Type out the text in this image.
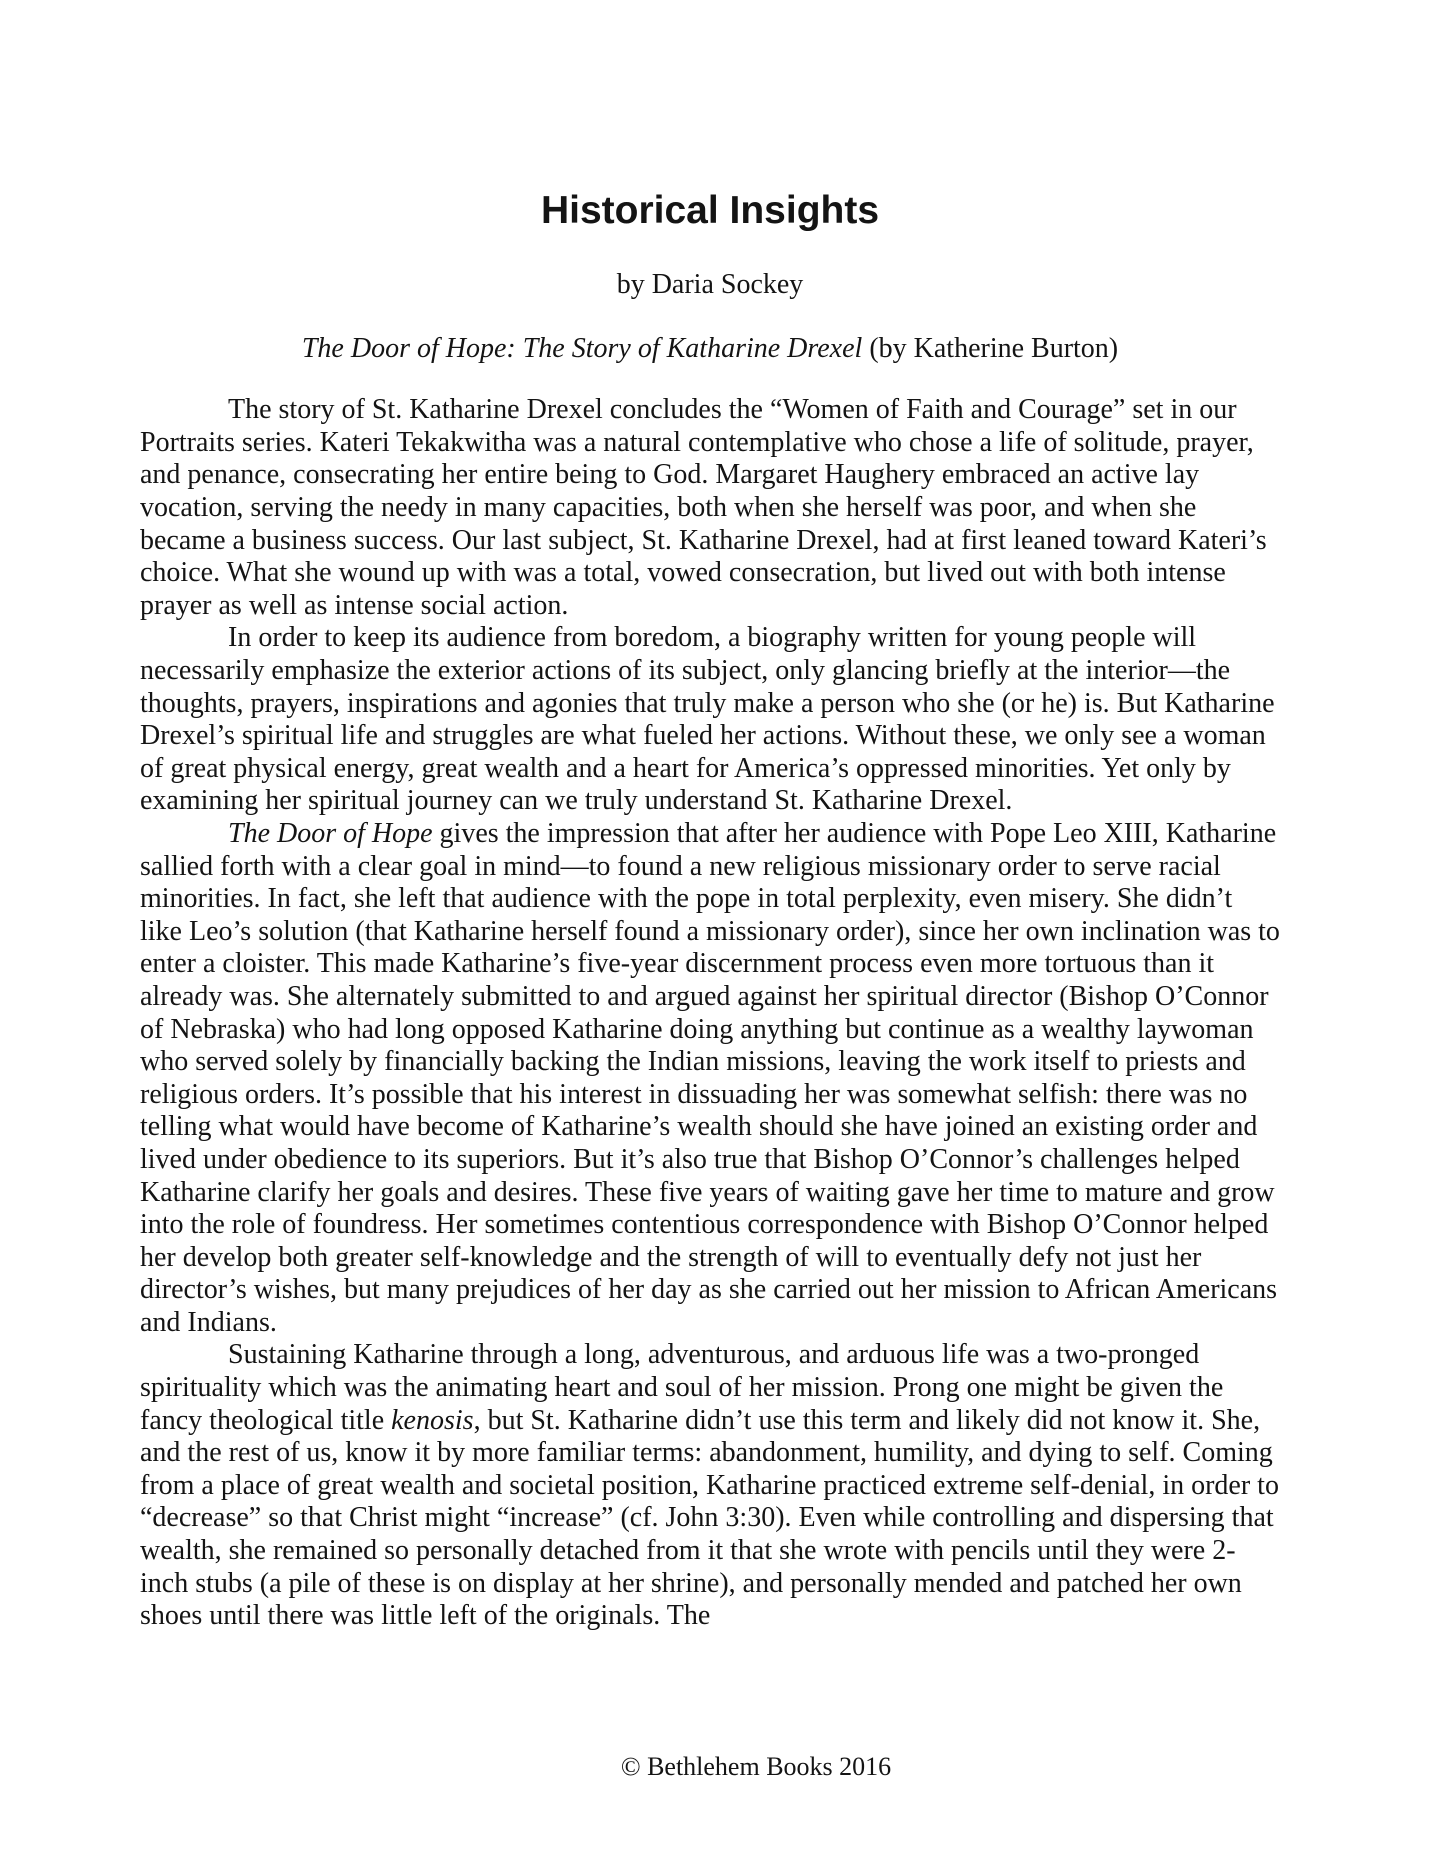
Historical Insights
by Daria Sockey
The Door of Hope: The Story of Katharine Drexel (by Katherine Burton)

The story of St. Katharine Drexel concludes the “Women of Faith and Courage” set in our Portraits series. Kateri Tekakwitha was a natural contemplative who chose a life of solitude, prayer, and penance, consecrating her entire being to God. Margaret Haughery embraced an active lay vocation, serving the needy in many capacities, both when she herself was poor, and when she became a business success. Our last subject, St. Katharine Drexel, had at first leaned toward Kateri’s choice. What she wound up with was a total, vowed consecration, but lived out with both intense prayer as well as intense social action.

In order to keep its audience from boredom, a biography written for young people will necessarily emphasize the exterior actions of its subject, only glancing briefly at the interior—the thoughts, prayers, inspirations and agonies that truly make a person who she (or he) is. But Katharine Drexel’s spiritual life and struggles are what fueled her actions. Without these, we only see a woman of great physical energy, great wealth and a heart for America’s oppressed minorities. Yet only by examining her spiritual journey can we truly understand St. Katharine Drexel.

The Door of Hope gives the impression that after her audience with Pope Leo XIII, Katharine sallied forth with a clear goal in mind—to found a new religious missionary order to serve racial minorities. In fact, she left that audience with the pope in total perplexity, even misery. She didn’t like Leo’s solution (that Katharine herself found a missionary order), since her own inclination was to enter a cloister. This made Katharine’s five-year discernment process even more tortuous than it already was. She alternately submitted to and argued against her spiritual director (Bishop O’Connor of Nebraska) who had long opposed Katharine doing anything but continue as a wealthy laywoman who served solely by financially backing the Indian missions, leaving the work itself to priests and religious orders. It’s possible that his interest in dissuading her was somewhat selfish: there was no telling what would have become of Katharine’s wealth should she have joined an existing order and lived under obedience to its superiors. But it’s also true that Bishop O’Connor’s challenges helped Katharine clarify her goals and desires. These five years of waiting gave her time to mature and grow into the role of foundress. Her sometimes contentious correspondence with Bishop O’Connor helped her develop both greater self-knowledge and the strength of will to eventually defy not just her director’s wishes, but many prejudices of her day as she carried out her mission to African Americans and Indians.

Sustaining Katharine through a long, adventurous, and arduous life was a two-pronged spirituality which was the animating heart and soul of her mission. Prong one might be given the fancy theological title kenosis, but St. Katharine didn’t use this term and likely did not know it. She, and the rest of us, know it by more familiar terms: abandonment, humility, and dying to self. Coming from a place of great wealth and societal position, Katharine practiced extreme self-denial, in order to “decrease” so that Christ might “increase” (cf. John 3:30). Even while controlling and dispersing that wealth, she remained so personally detached from it that she wrote with pencils until they were 2-inch stubs (a pile of these is on display at her shrine), and personally mended and patched her own shoes until there was little left of the originals. The

© Bethlehem Books 2016
